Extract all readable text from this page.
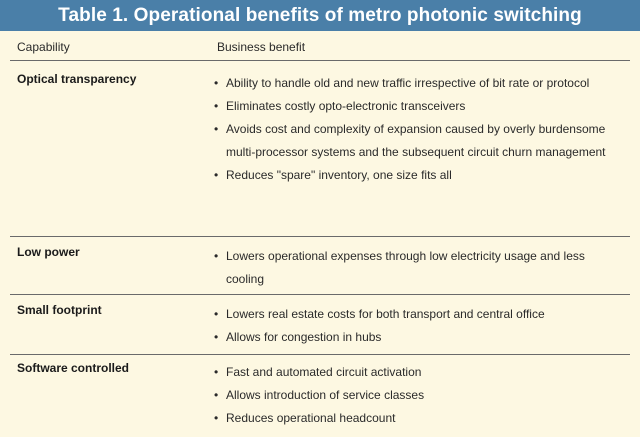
Table 1. Operational benefits of metro photonic switching
Capability	Business benefit
Optical transparency	• Ability to handle old and new traffic irrespective of bit rate or protocol
• Eliminates costly opto-electronic transceivers
• Avoids cost and complexity of expansion caused by overly burdensome multi-processor systems and the subsequent circuit churn management
• Reduces "spare" inventory, one size fits all
Low power	• Lowers operational expenses through low electricity usage and less cooling
Small footprint	• Lowers real estate costs for both transport and central office
• Allows for congestion in hubs
Software controlled	• Fast and automated circuit activation
• Allows introduction of service classes
• Reduces operational headcount
